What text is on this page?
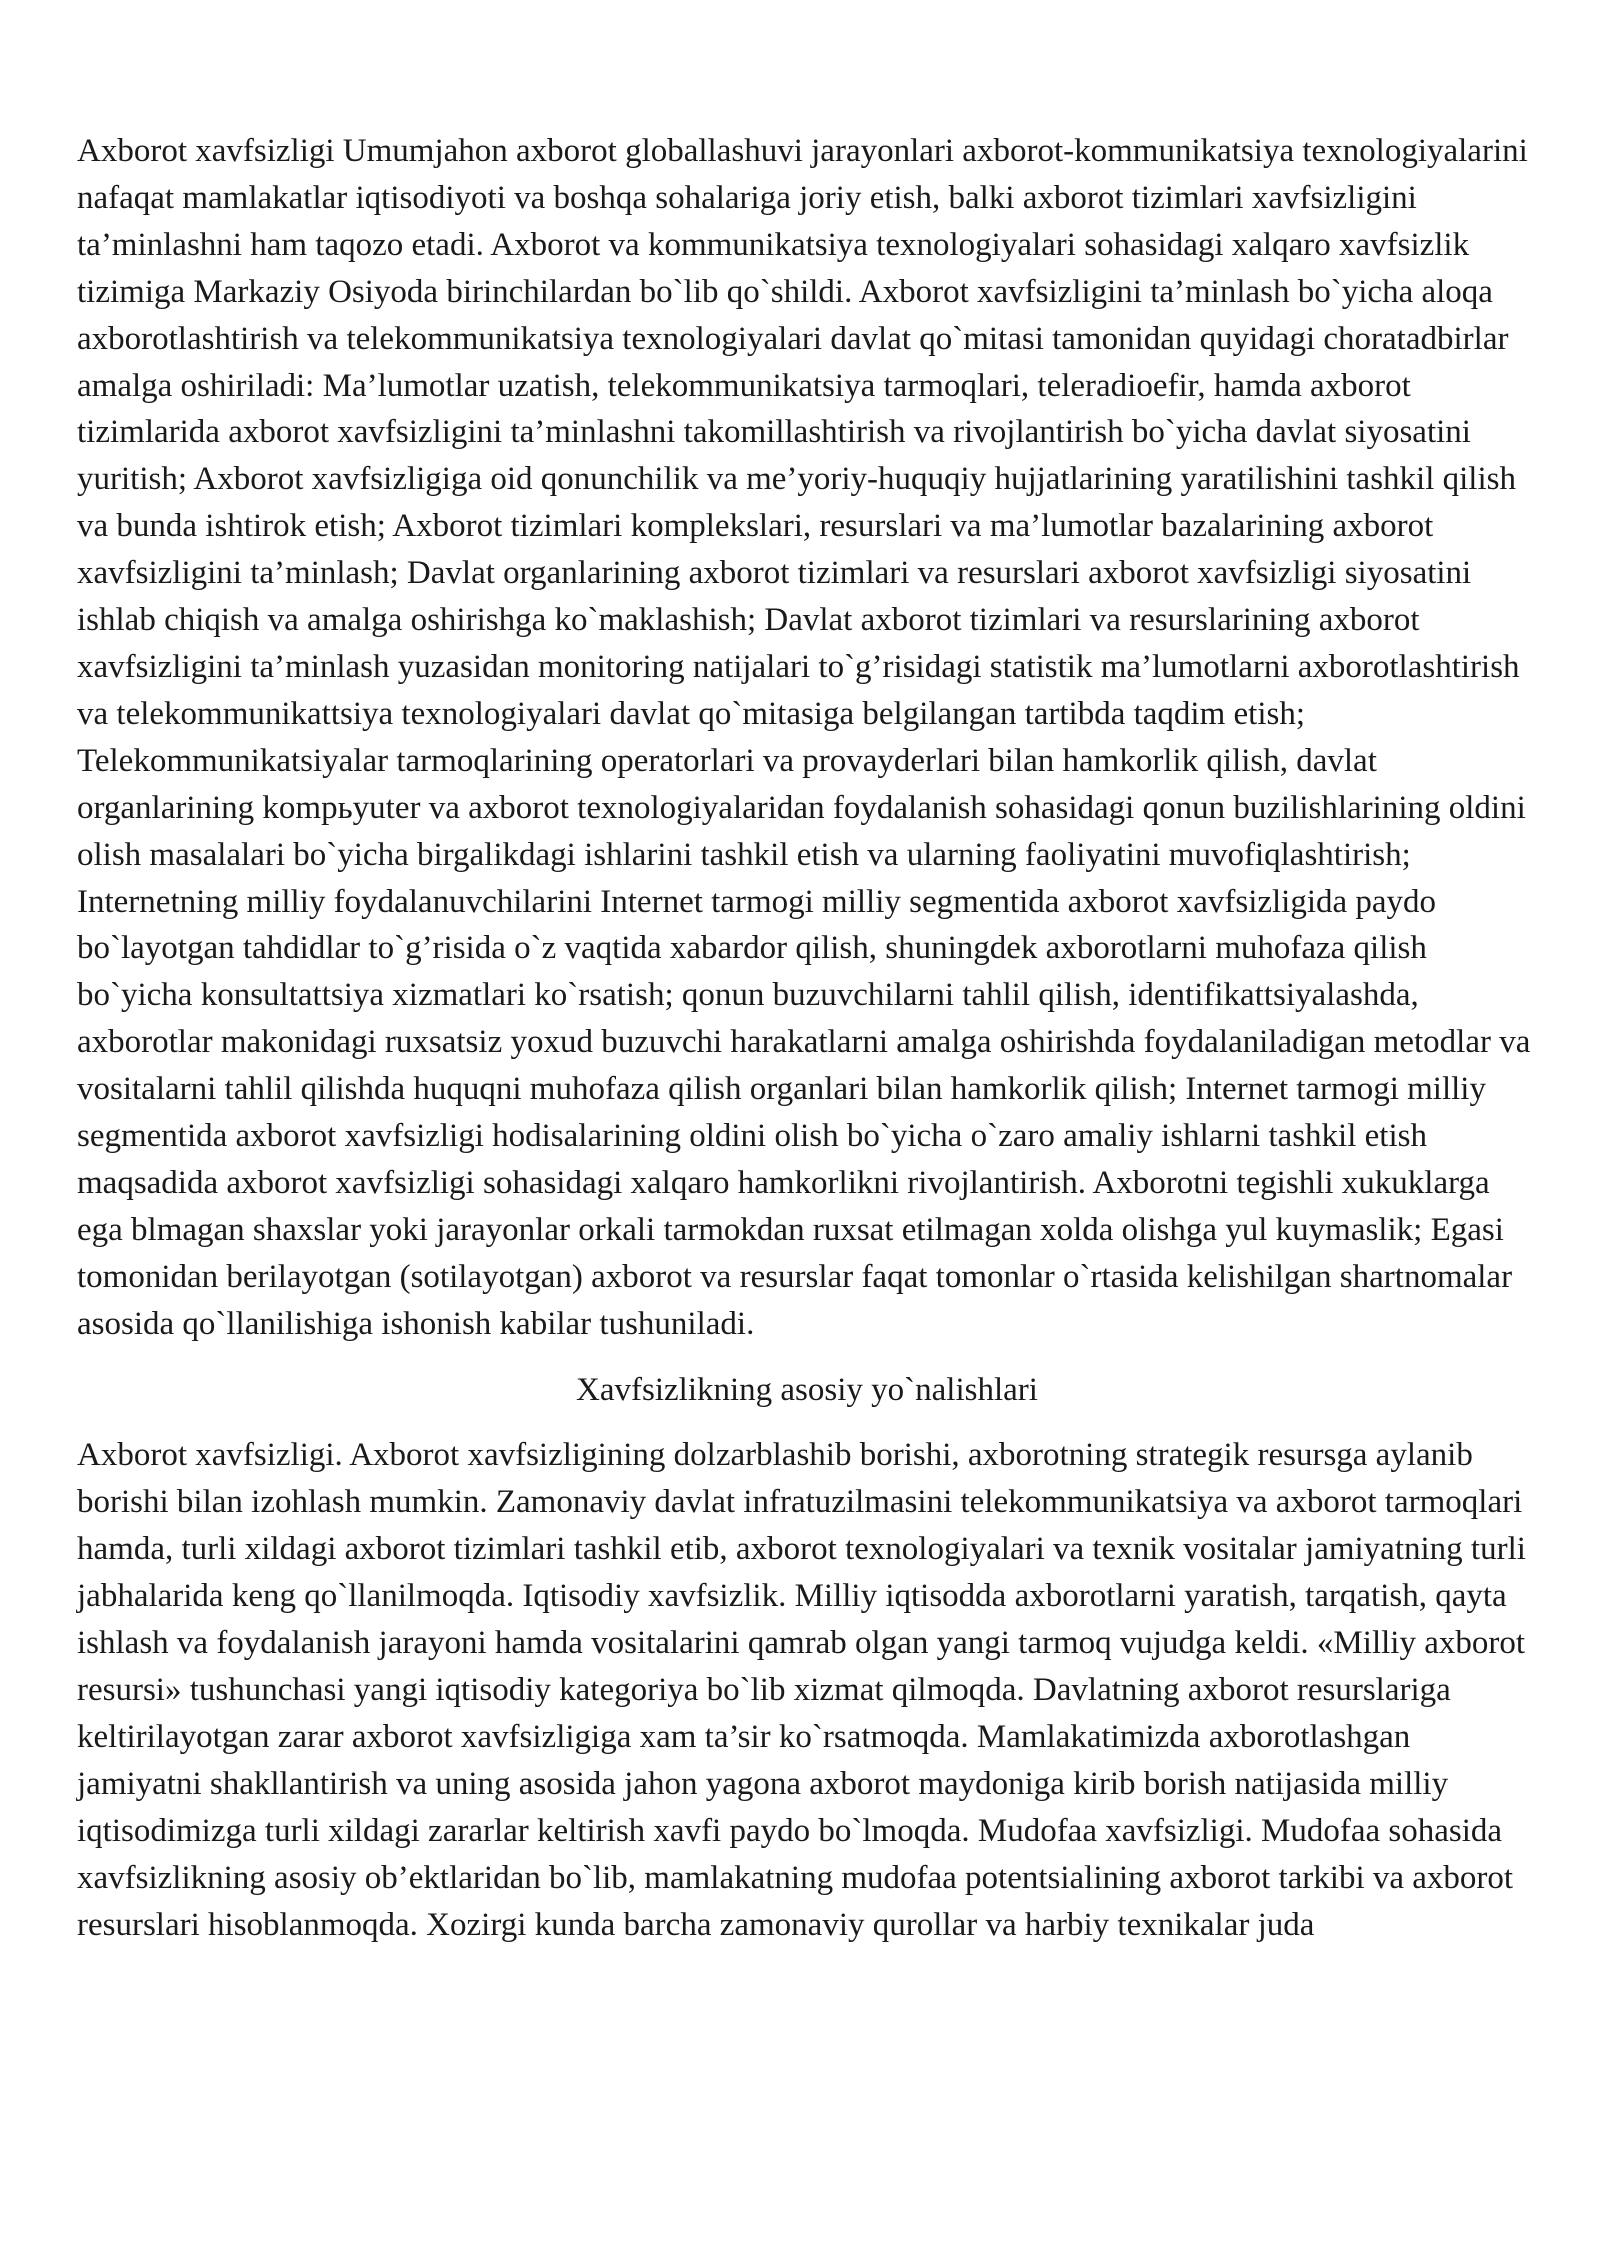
Axborot xavfsizligi Umumjahon axborot globallashuvi jarayonlari axborot-kommunikatsiya texnologiyalarini nafaqat mamlakatlar iqtisodiyoti va boshqa sohalariga joriy etish, balki axborot tizimlari xavfsizligini ta’minlashni ham taqozo etadi. Axborot va kommunikatsiya texnologiyalari sohasidagi xalqaro xavfsizlik tizimiga Markaziy Osiyoda birinchilardan bo`lib qo`shildi. Axborot xavfsizligini ta’minlash bo`yicha aloqa axborotlashtirish va telekommunikatsiya texnologiyalari davlat qo`mitasi tamonidan quyidagi choratadbirlar amalga oshiriladi: Ma’lumotlar uzatish, telekommunikatsiya tarmoqlari, teleradioefir, hamda axborot tizimlarida axborot xavfsizligini ta’minlashni takomillashtirish va rivojlantirish bo`yicha davlat siyosatini yuritish; Axborot xavfsizligiga oid qonunchilik va me’yoriy-huquqiy hujjatlarining yaratilishini tashkil qilish va bunda ishtirok etish; Axborot tizimlari komplekslari, resurslari va ma’lumotlar bazalarining axborot xavfsizligini ta’minlash; Davlat organlarining axborot tizimlari va resurslari axborot xavfsizligi siyosatini ishlab chiqish va amalga oshirishga ko`maklashish; Davlat axborot tizimlari va resurslarining axborot xavfsizligini ta’minlash yuzasidan monitoring natijalari to`g’risidagi statistik ma’lumotlarni axborotlashtirish va telekommunikattsiya texnologiyalari davlat qo`mitasiga belgilangan tartibda taqdim etish; Telekommunikatsiyalar tarmoqlarining operatorlari va provayderlari bilan hamkorlik qilish, davlat organlarining kompьyuter va axborot texnologiyalaridan foydalanish sohasidagi qonun buzilishlarining oldini olish masalalari bo`yicha birgalikdagi ishlarini tashkil etish va ularning faoliyatini muvofiqlashtirish; Internetning milliy foydalanuvchilarini Internet tarmogi milliy segmentida axborot xavfsizligida paydo bo`layotgan tahdidlar to`g’risida o`z vaqtida xabardor qilish, shuningdek axborotlarni muhofaza qilish bo`yicha konsultattsiya xizmatlari ko`rsatish; qonun buzuvchilarni tahlil qilish, identifikattsiyalashda, axborotlar makonidagi ruxsatsiz yoxud buzuvchi harakatlarni amalga oshirishda foydalaniladigan metodlar va vositalarni tahlil qilishda huquqni muhofaza qilish organlari bilan hamkorlik qilish; Internet tarmogi milliy segmentida axborot xavfsizligi hodisalarining oldini olish bo`yicha o`zaro amaliy ishlarni tashkil etish maqsadida axborot xavfsizligi sohasidagi xalqaro hamkorlikni rivojlantirish. Axborotni tegishli xukuklarga ega blmagan shaxslar yoki jarayonlar orkali tarmokdan ruxsat etilmagan xolda olishga yul kuymaslik; Egasi tomonidan berilayotgan (sotilayotgan) axborot va resurslar faqat tomonlar o`rtasida kelishilgan shartnomalar asosida qo`llanilishiga ishonish kabilar tushuniladi.

Xavfsizlikning asosiy yo`nalishlari

Axborot xavfsizligi. Axborot xavfsizligining dolzarblashib borishi, axborotning strategik resursga aylanib borishi bilan izohlash mumkin. Zamonaviy davlat infratuzilmasini telekommunikatsiya va axborot tarmoqlari hamda, turli xildagi axborot tizimlari tashkil etib, axborot texnologiyalari va texnik vositalar jamiyatning turli jabhalarida keng qo`llanilmoqda. Iqtisodiy xavfsizlik. Milliy iqtisodda axborotlarni yaratish, tarqatish, qayta ishlash va foydalanish jarayoni hamda vositalarini qamrab olgan yangi tarmoq vujudga keldi. «Milliy axborot resursi» tushunchasi yangi iqtisodiy kategoriya bo`lib xizmat qilmoqda. Davlatning axborot resurslariga keltirilayotgan zarar axborot xavfsizligiga xam ta’sir ko`rsatmoqda. Mamlakatimizda axborotlashgan jamiyatni shakllantirish va uning asosida jahon yagona axborot maydoniga kirib borish natijasida milliy iqtisodimizga turli xildagi zararlar keltirish xavfi paydo bo`lmoqda. Mudofaa xavfsizligi. Mudofaa sohasida xavfsizlikning asosiy ob’ektlaridan bo`lib, mamlakatning mudofaa potentsialining axborot tarkibi va axborot resurslari hisoblanmoqda. Xozirgi kunda barcha zamonaviy qurollar va harbiy texnikalar juda
